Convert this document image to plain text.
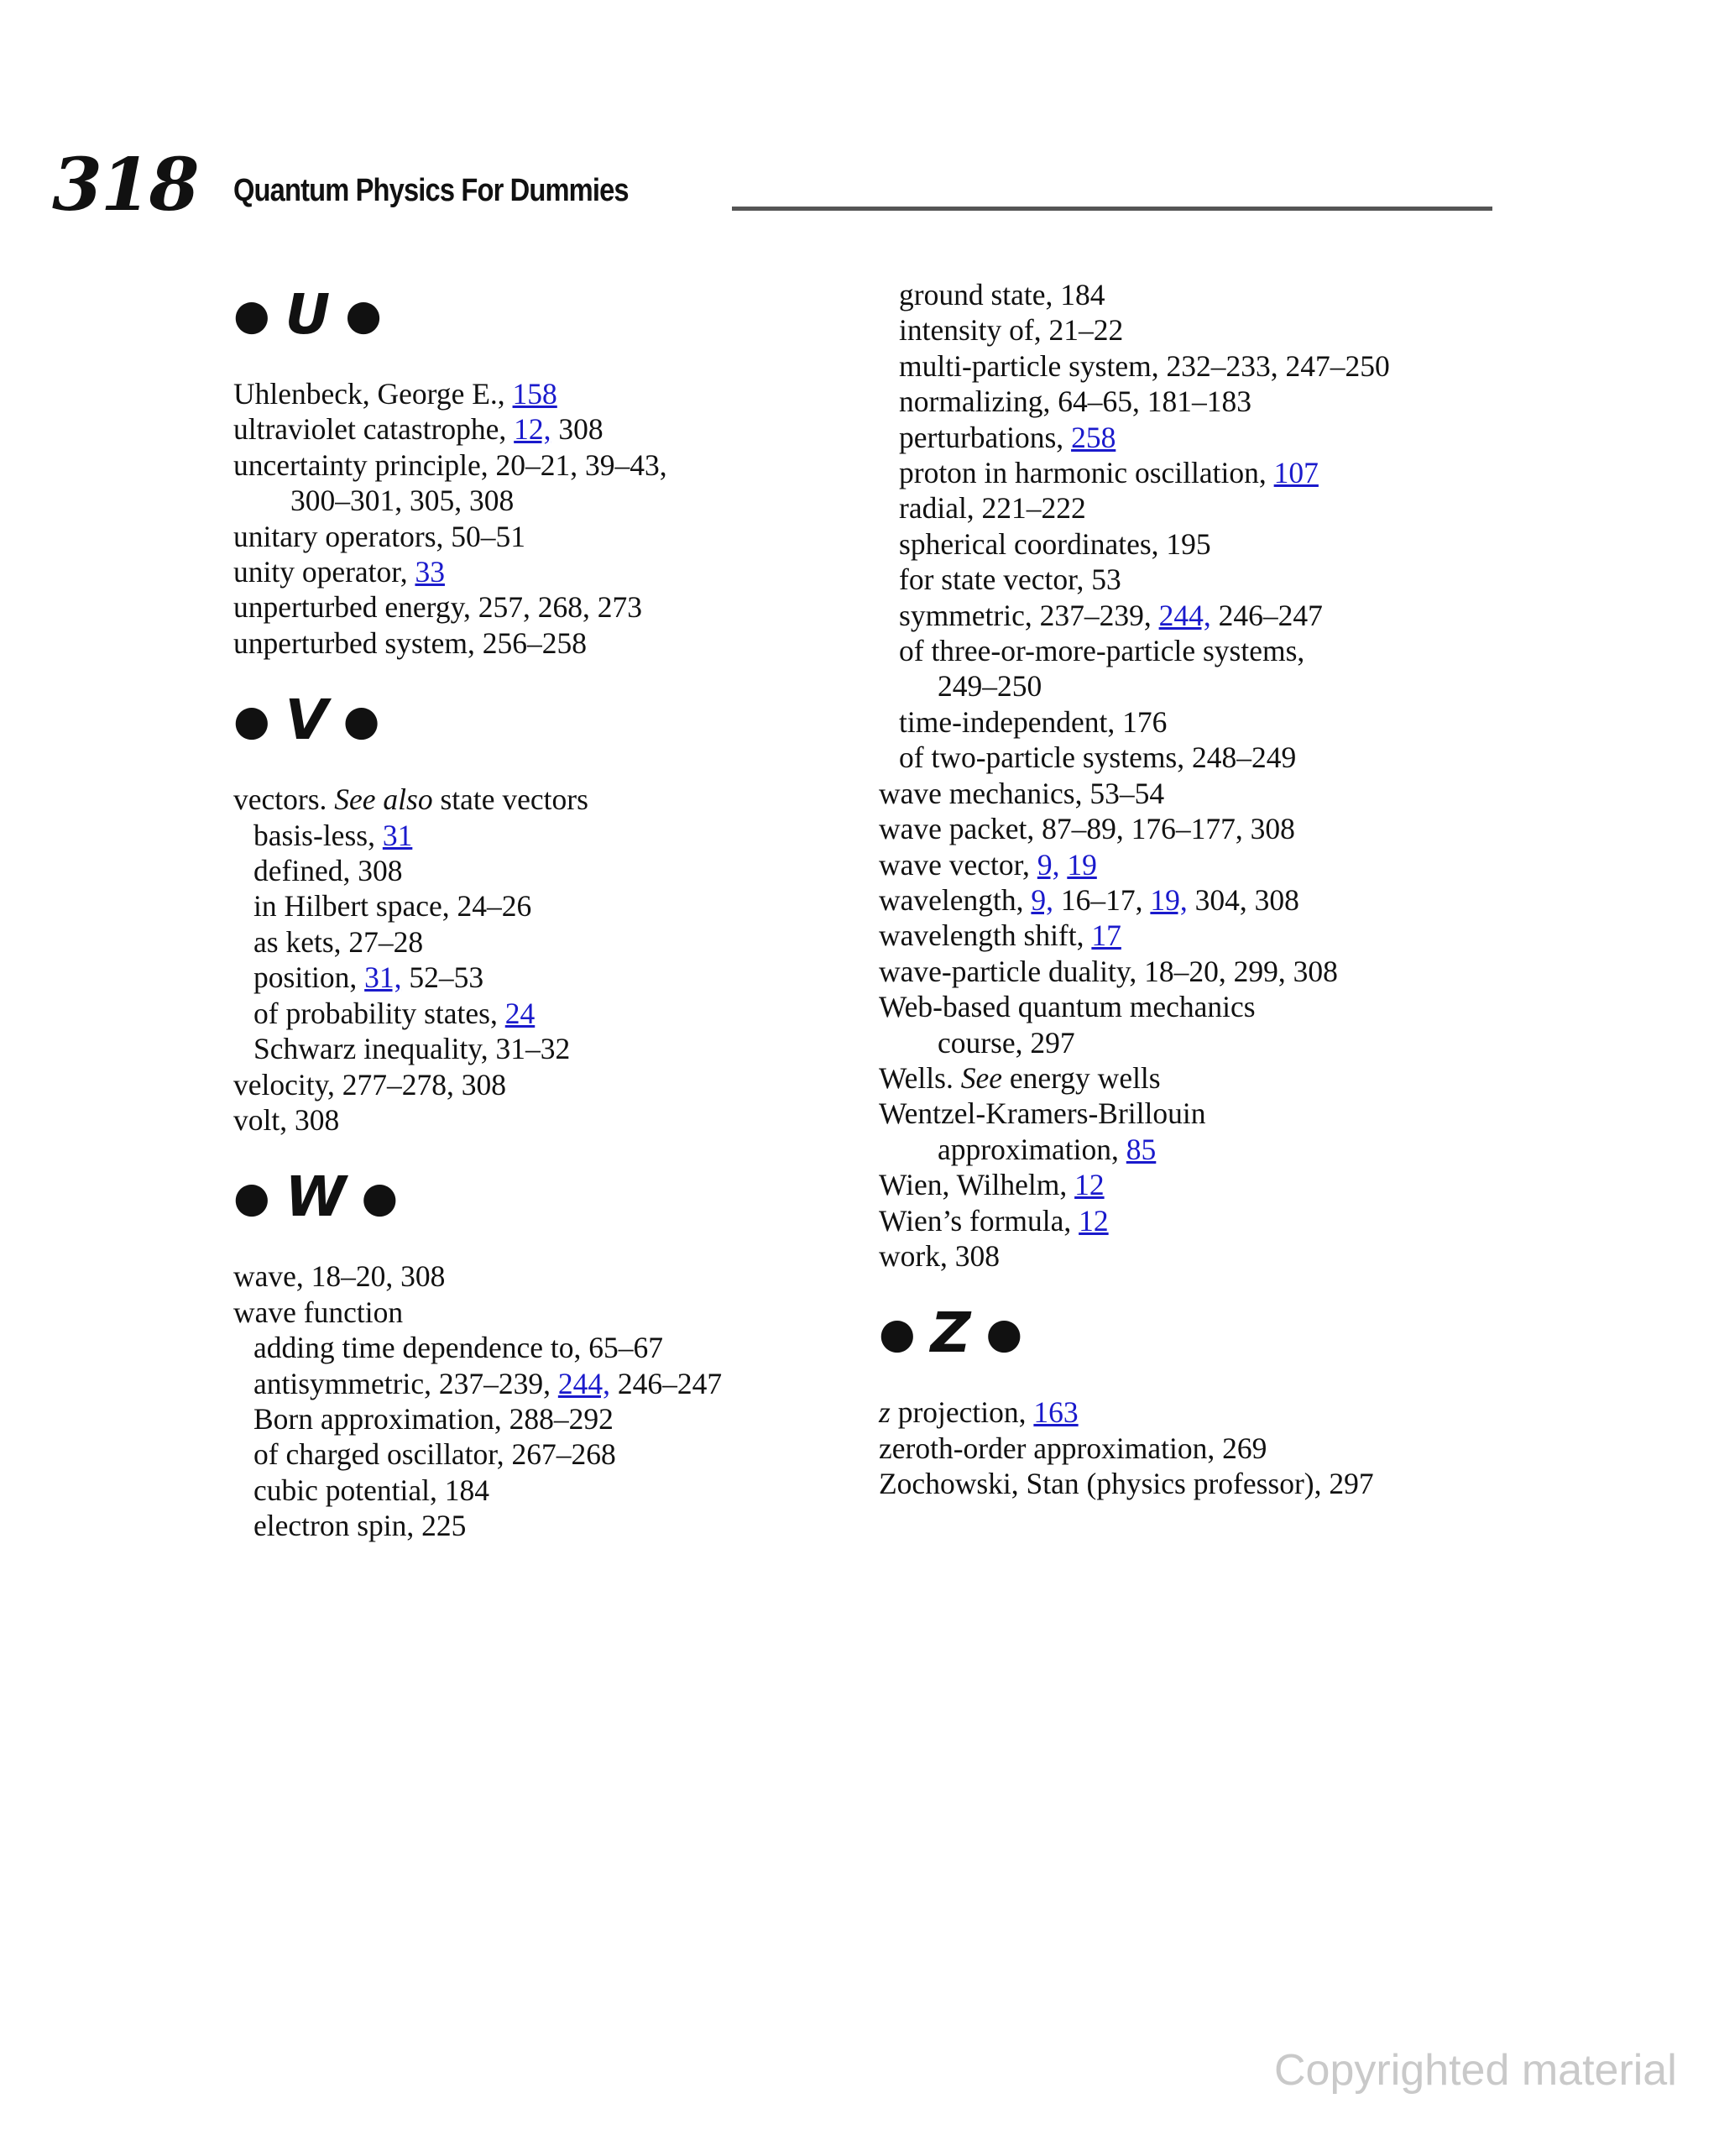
318 Quantum Physics For Dummies
● U ●
Uhlenbeck, George E., 158
ultraviolet catastrophe, 12, 308
uncertainty principle, 20–21, 39–43,
300–301, 305, 308
unitary operators, 50–51
unity operator, 33
unperturbed energy, 257, 268, 273
unperturbed system, 256–258
● V ●
vectors. See also state vectors
basis-less, 31
defined, 308
in Hilbert space, 24–26
as kets, 27–28
position, 31, 52–53
of probability states, 24
Schwarz inequality, 31–32
velocity, 277–278, 308
volt, 308
● W ●
wave, 18–20, 308
wave function
adding time dependence to, 65–67
antisymmetric, 237–239, 244, 246–247
Born approximation, 288–292
of charged oscillator, 267–268
cubic potential, 184
electron spin, 225
ground state, 184
intensity of, 21–22
multi-particle system, 232–233, 247–250
normalizing, 64–65, 181–183
perturbations, 258
proton in harmonic oscillation, 107
radial, 221–222
spherical coordinates, 195
for state vector, 53
symmetric, 237–239, 244, 246–247
of three-or-more-particle systems,
249–250
time-independent, 176
of two-particle systems, 248–249
wave mechanics, 53–54
wave packet, 87–89, 176–177, 308
wave vector, 9, 19
wavelength, 9, 16–17, 19, 304, 308
wavelength shift, 17
wave-particle duality, 18–20, 299, 308
Web-based quantum mechanics
course, 297
Wells. See energy wells
Wentzel-Kramers-Brillouin
approximation, 85
Wien, Wilhelm, 12
Wien’s formula, 12
work, 308
● Z ●
z projection, 163
zeroth-order approximation, 269
Zochowski, Stan (physics professor), 297
Copyrighted material
